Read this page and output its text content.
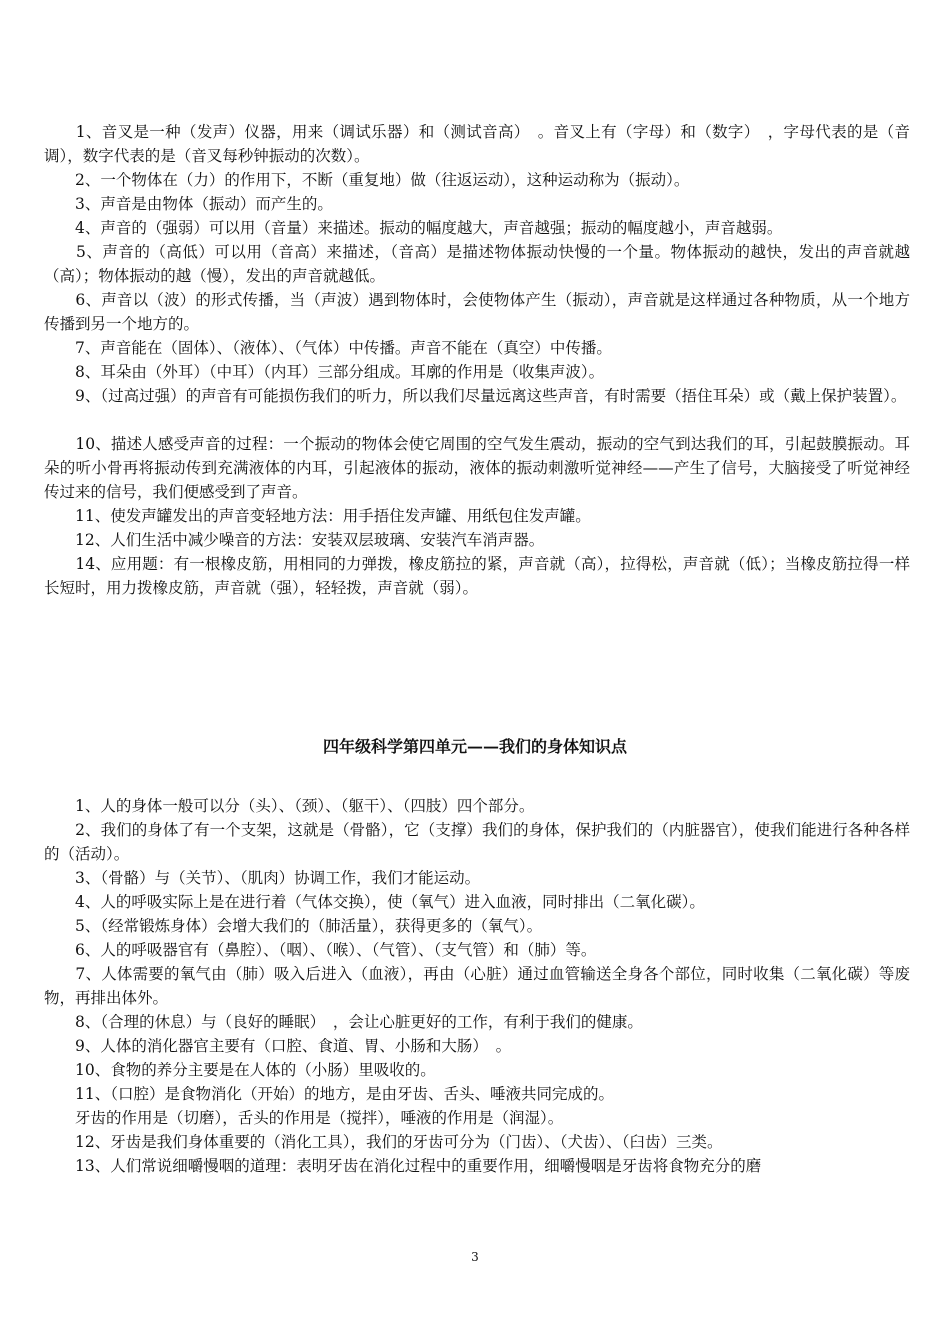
　　1、音叉是一种（发声）仪器，用来（调试乐器）和（测试音高）　。音叉上有（字母）和（数字）　，字母代表的是（音调），数字代表的是（音叉每秒钟振动的次数）。
　　2、一个物体在（力）的作用下，不断（重复地）做（往返运动），这种运动称为（振动）。
　　3、声音是由物体（振动）而产生的。
　　4、声音的（强弱）可以用（音量）来描述。振动的幅度越大，声音越强；振动的幅度越小，声音越弱。
　　5、声音的（高低）可以用（音高）来描述，（音高）是描述物体振动快慢的一个量。物体振动的越快，发出的声音就越（高）；物体振动的越（慢），发出的声音就越低。
　　6、声音以（波）的形式传播，当（声波）遇到物体时，会使物体产生（振动），声音就是这样通过各种物质，从一个地方传播到另一个地方的。
　　7、声音能在（固体）、（液体）、（气体）中传播。声音不能在（真空）中传播。
　　8、耳朵由（外耳）（中耳）（内耳）三部分组成。耳廓的作用是（收集声波）。
　　9、（过高过强）的声音有可能损伤我们的听力，所以我们尽量远离这些声音，有时需要（捂住耳朵）或（戴上保护装置）。
　　10、描述人感受声音的过程：一个振动的物体会使它周围的空气发生震动，振动的空气到达我们的耳，引起鼓膜振动。耳朵的听小骨再将振动传到充满液体的内耳，引起液体的振动，液体的振动刺激听觉神经——产生了信号，大脑接受了听觉神经传过来的信号，我们便感受到了声音。
　　11、使发声罐发出的声音变轻地方法：用手捂住发声罐、用纸包住发声罐。
　　12、人们生活中减少噪音的方法：安装双层玻璃、安装汽车消声器。
　　14、应用题：有一根橡皮筋，用相同的力弹拨，橡皮筋拉的紧，声音就（高），拉得松，声音就（低）；当橡皮筋拉得一样长短时，用力拨橡皮筋，声音就（强），轻轻拨，声音就（弱）。
四年级科学第四单元——我们的身体知识点
　　1、人的身体一般可以分（头）、（颈）、（躯干）、（四肢）四个部分。
　　2、我们的身体了有一个支架，这就是（骨骼），它（支撑）我们的身体，保护我们的（内脏器官），使我们能进行各种各样的（活动）。
　　3、（骨骼）与（关节）、（肌肉）协调工作，我们才能运动。
　　4、人的呼吸实际上是在进行着（气体交换），使（氧气）进入血液，同时排出（二氧化碳）。
　　5、（经常锻炼身体）会增大我们的（肺活量），获得更多的（氧气）。
　　6、人的呼吸器官有（鼻腔）、（咽）、（喉）、（气管）、（支气管）和（肺）等。
　　7、人体需要的氧气由（肺）吸入后进入（血液），再由（心脏）通过血管输送全身各个部位，同时收集（二氧化碳）等废物，再排出体外。
　　8、（合理的休息）与（良好的睡眠）　，会让心脏更好的工作，有利于我们的健康。
　　9、人体的消化器官主要有（口腔、食道、胃、小肠和大肠）　。
　　10、食物的养分主要是在人体的（小肠）里吸收的。
　　11、（口腔）是食物消化（开始）的地方，是由牙齿、舌头、唾液共同完成的。
　　牙齿的作用是（切磨），舌头的作用是（搅拌），唾液的作用是（润湿）。
　　12、牙齿是我们身体重要的（消化工具），我们的牙齿可分为（门齿）、（犬齿）、（臼齿）三类。
　　13、人们常说细嚼慢咽的道理：表明牙齿在消化过程中的重要作用，细嚼慢咽是牙齿将食物充分的磨
3
